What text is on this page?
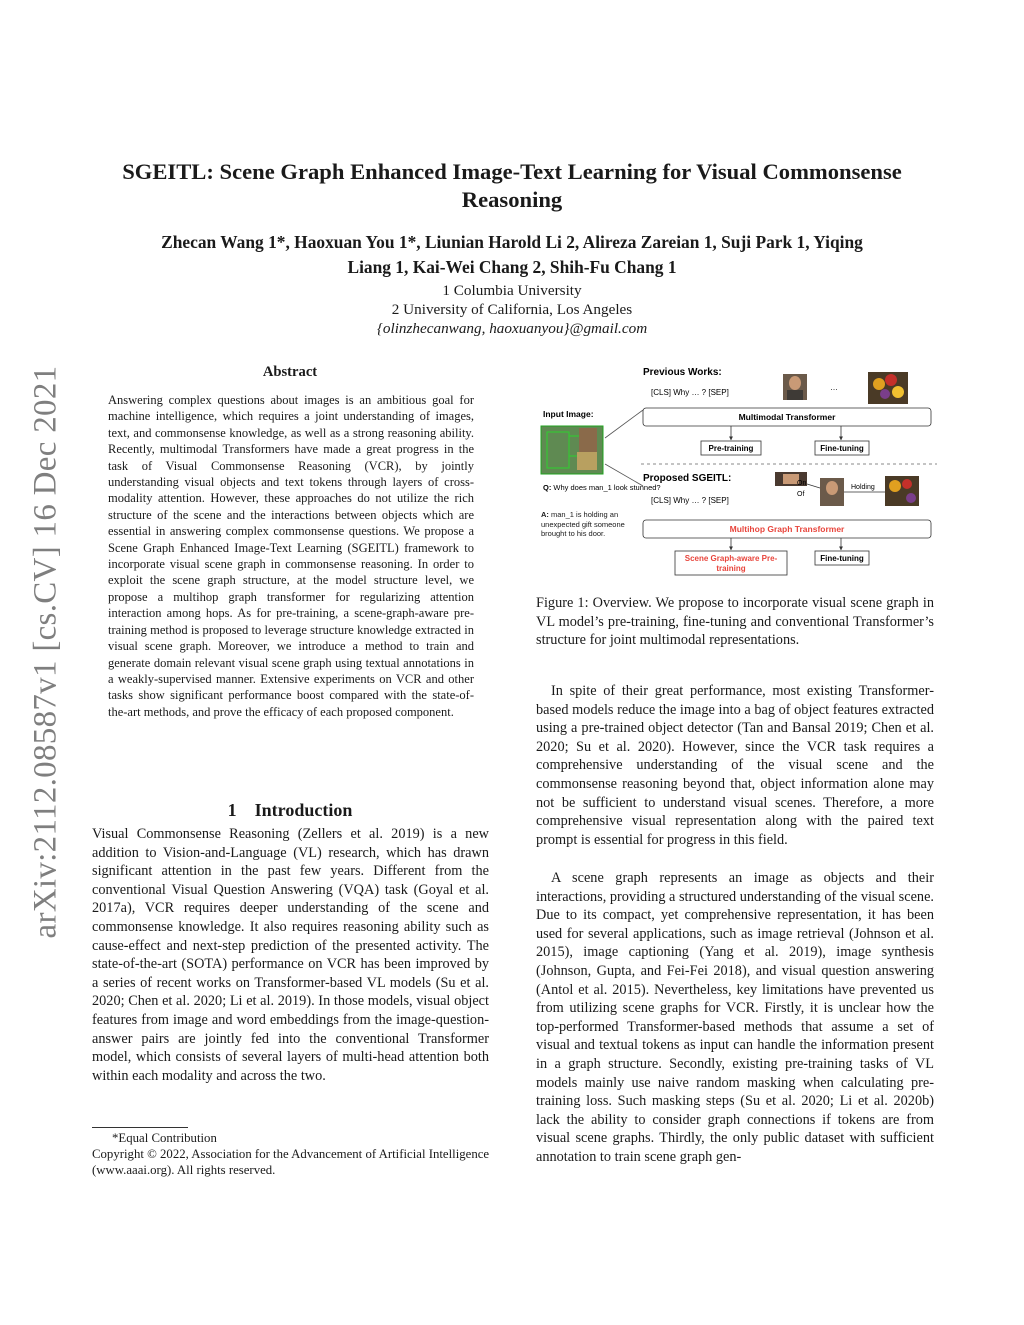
arXiv:2112.08587v1 [cs.CV] 16 Dec 2021
SGEITL: Scene Graph Enhanced Image-Text Learning for Visual Commonsense Reasoning
Zhecan Wang 1*, Haoxuan You 1*, Liunian Harold Li 2, Alireza Zareian 1, Suji Park 1, Yiqing
Liang 1, Kai-Wei Chang 2, Shih-Fu Chang 1
1 Columbia University
2 University of California, Los Angeles
{olinzhecanwang, haoxuanyou}@gmail.com
Abstract
Answering complex questions about images is an ambitious goal for machine intelligence, which requires a joint understanding of images, text, and commonsense knowledge, as well as a strong reasoning ability. Recently, multimodal Transformers have made a great progress in the task of Visual Commonsense Reasoning (VCR), by jointly understanding visual objects and text tokens through layers of cross-modality attention. However, these approaches do not utilize the rich structure of the scene and the interactions between objects which are essential in answering complex commonsense questions. We propose a Scene Graph Enhanced Image-Text Learning (SGEITL) framework to incorporate visual scene graph in commonsense reasoning. In order to exploit the scene graph structure, at the model structure level, we propose a multihop graph transformer for regularizing attention interaction among hops. As for pre-training, a scene-graph-aware pre-training method is proposed to leverage structure knowledge extracted in visual scene graph. Moreover, we introduce a method to train and generate domain relevant visual scene graph using textual annotations in a weakly-supervised manner. Extensive experiments on VCR and other tasks show significant performance boost compared with the state-of-the-art methods, and prove the efficacy of each proposed component.
1 Introduction
Visual Commonsense Reasoning (Zellers et al. 2019) is a new addition to Vision-and-Language (VL) research, which has drawn significant attention in the past few years. Different from the conventional Visual Question Answering (VQA) task (Goyal et al. 2017a), VCR requires deeper understanding of the scene and commonsense knowledge. It also requires reasoning ability such as cause-effect and next-step prediction of the presented activity. The state-of-the-art (SOTA) performance on VCR has been improved by a series of recent works on Transformer-based VL models (Su et al. 2020; Chen et al. 2020; Li et al. 2019). In those models, visual object features from image and word embeddings from the image-question-answer pairs are jointly fed into the conventional Transformer model, which consists of several layers of multi-head attention both within each modality and across the two.
*Equal Contribution
Copyright © 2022, Association for the Advancement of Artificial Intelligence (www.aaai.org). All rights reserved.
Previous Works:
[CLS] Why … ? [SEP]
…
Input Image:	Multimodal Transformer
Pre-training	Fine-tuning
Proposed SGEITL:
[CLS] Why … ? [SEP]
On
Of
Holding
Q: Why does man_1 look stunned?
A: man_1 is holding an unexpected gift someone brought to his door.	Multihop Graph Transformer
Scene Graph-aware Pre-
training
Fine-tuning
Figure 1: Overview. We propose to incorporate visual scene graph in VL model’s pre-training, fine-tuning and conventional Transformer’s structure for joint multimodal representations.

In spite of their great performance, most existing Transformer-based models reduce the image into a bag of object features extracted using a pre-trained object detector (Tan and Bansal 2019; Chen et al. 2020; Su et al. 2020). However, since the VCR task requires a comprehensive understanding of the visual scene and the commonsense reasoning beyond that, object information alone may not be sufficient to understand visual scenes. Therefore, a more comprehensive visual representation along with the paired text prompt is essential for progress in this field.

A scene graph represents an image as objects and their interactions, providing a structured understanding of the visual scene. Due to its compact, yet comprehensive representation, it has been used for several applications, such as image retrieval (Johnson et al. 2015), image captioning (Yang et al. 2019), image synthesis (Johnson, Gupta, and Fei-Fei 2018), and visual question answering (Antol et al. 2015). Nevertheless, key limitations have prevented us from utilizing scene graphs for VCR. Firstly, it is unclear how the top-performed Transformer-based methods that assume a set of visual and textual tokens as input can handle the information present in a graph structure. Secondly, existing pre-training tasks of VL models mainly use naive random masking when calculating pre-training loss. Such masking steps (Su et al. 2020; Li et al. 2020b) lack the ability to consider graph connections if tokens are from visual scene graphs. Thirdly, the only public dataset with sufficient annotation to train scene graph gen-
